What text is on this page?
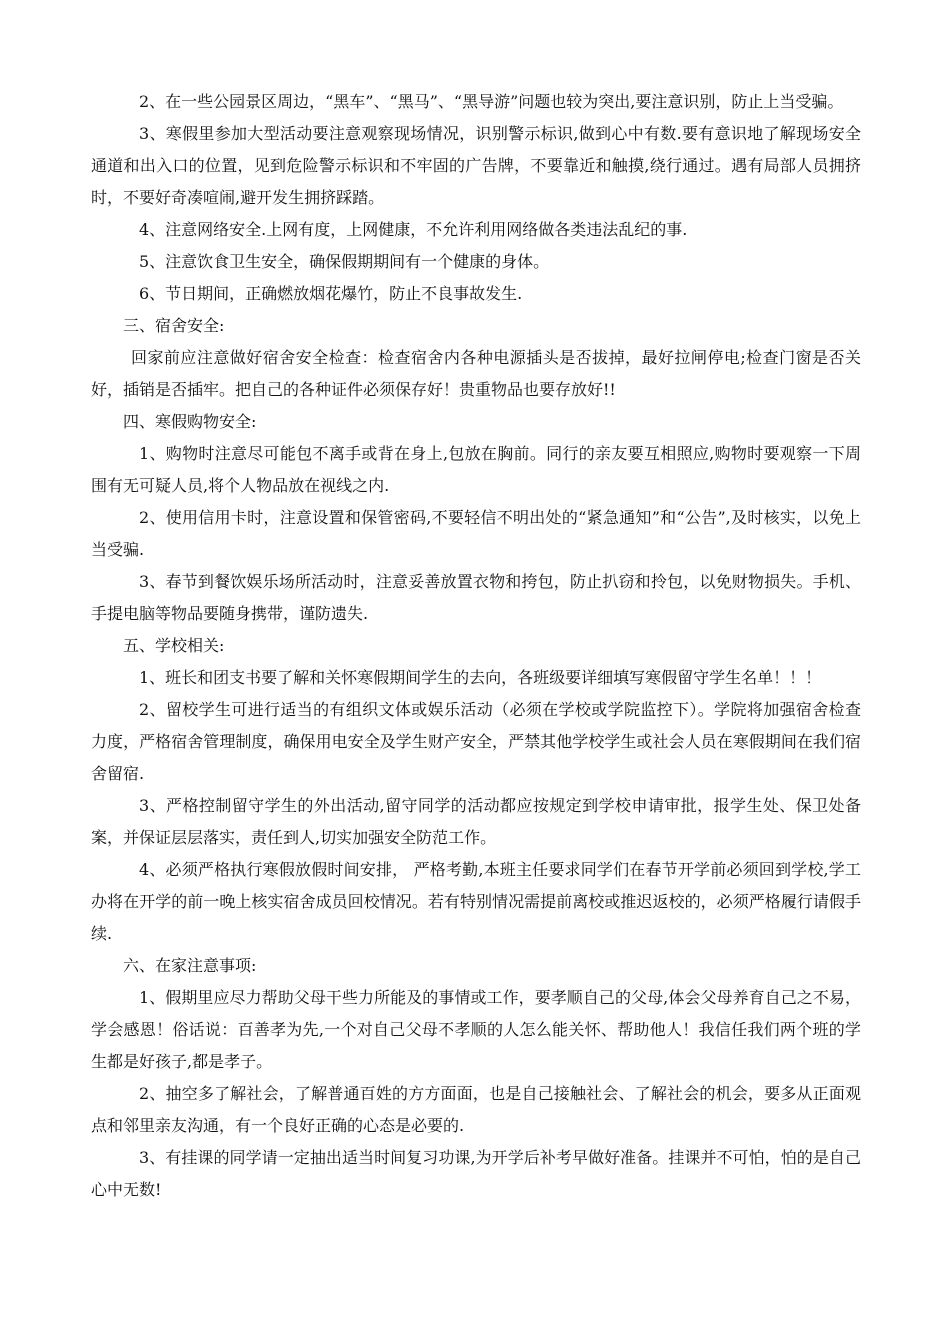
2、在一些公园景区周边，“黑车”、“黑马”、“黑导游”问题也较为突出,要注意识别，防止上当受骗。

3、寒假里参加大型活动要注意观察现场情况，识别警示标识,做到心中有数.要有意识地了解现场安全通道和出入口的位置，见到危险警示标识和不牢固的广告牌，不要靠近和触摸,绕行通过。遇有局部人员拥挤时，不要好奇凑喧闹,避开发生拥挤踩踏。

4、注意网络安全.上网有度，上网健康，不允许利用网络做各类违法乱纪的事.

5、注意饮食卫生安全，确保假期期间有一个健康的身体。

6、节日期间，正确燃放烟花爆竹，防止不良事故发生.

三、宿舍安全:

回家前应注意做好宿舍安全检查：检查宿舍内各种电源插头是否拔掉，最好拉闸停电;检查门窗是否关好，插销是否插牢。把自己的各种证件必须保存好！贵重物品也要存放好!!

四、寒假购物安全:

1、购物时注意尽可能包不离手或背在身上,包放在胸前。同行的亲友要互相照应,购物时要观察一下周围有无可疑人员,将个人物品放在视线之内.

2、使用信用卡时，注意设置和保管密码,不要轻信不明出处的“紧急通知”和“公告”,及时核实，以免上当受骗.

3、春节到餐饮娱乐场所活动时，注意妥善放置衣物和挎包，防止扒窃和拎包，以免财物损失。手机、手提电脑等物品要随身携带，谨防遗失.

五、学校相关:

1、班长和团支书要了解和关怀寒假期间学生的去向，各班级要详细填写寒假留守学生名单！！！

2、留校学生可进行适当的有组织文体或娱乐活动（必须在学校或学院监控下）。学院将加强宿舍检查力度，严格宿舍管理制度，确保用电安全及学生财产安全，严禁其他学校学生或社会人员在寒假期间在我们宿舍留宿.

3、严格控制留守学生的外出活动,留守同学的活动都应按规定到学校申请审批，报学生处、保卫处备案，并保证层层落实，责任到人,切实加强安全防范工作。

4、必须严格执行寒假放假时间安排， 严格考勤,本班主任要求同学们在春节开学前必须回到学校,学工办将在开学的前一晚上核实宿舍成员回校情况。若有特别情况需提前离校或推迟返校的，必须严格履行请假手续.

六、在家注意事项:

1、假期里应尽力帮助父母干些力所能及的事情或工作，要孝顺自己的父母,体会父母养育自己之不易，学会感恩！俗话说：百善孝为先,一个对自己父母不孝顺的人怎么能关怀、帮助他人！我信任我们两个班的学生都是好孩子,都是孝子。

2、抽空多了解社会，了解普通百姓的方方面面，也是自己接触社会、了解社会的机会，要多从正面观点和邻里亲友沟通，有一个良好正确的心态是必要的.

3、有挂课的同学请一定抽出适当时间复习功课,为开学后补考早做好准备。挂课并不可怕，怕的是自己心中无数!
